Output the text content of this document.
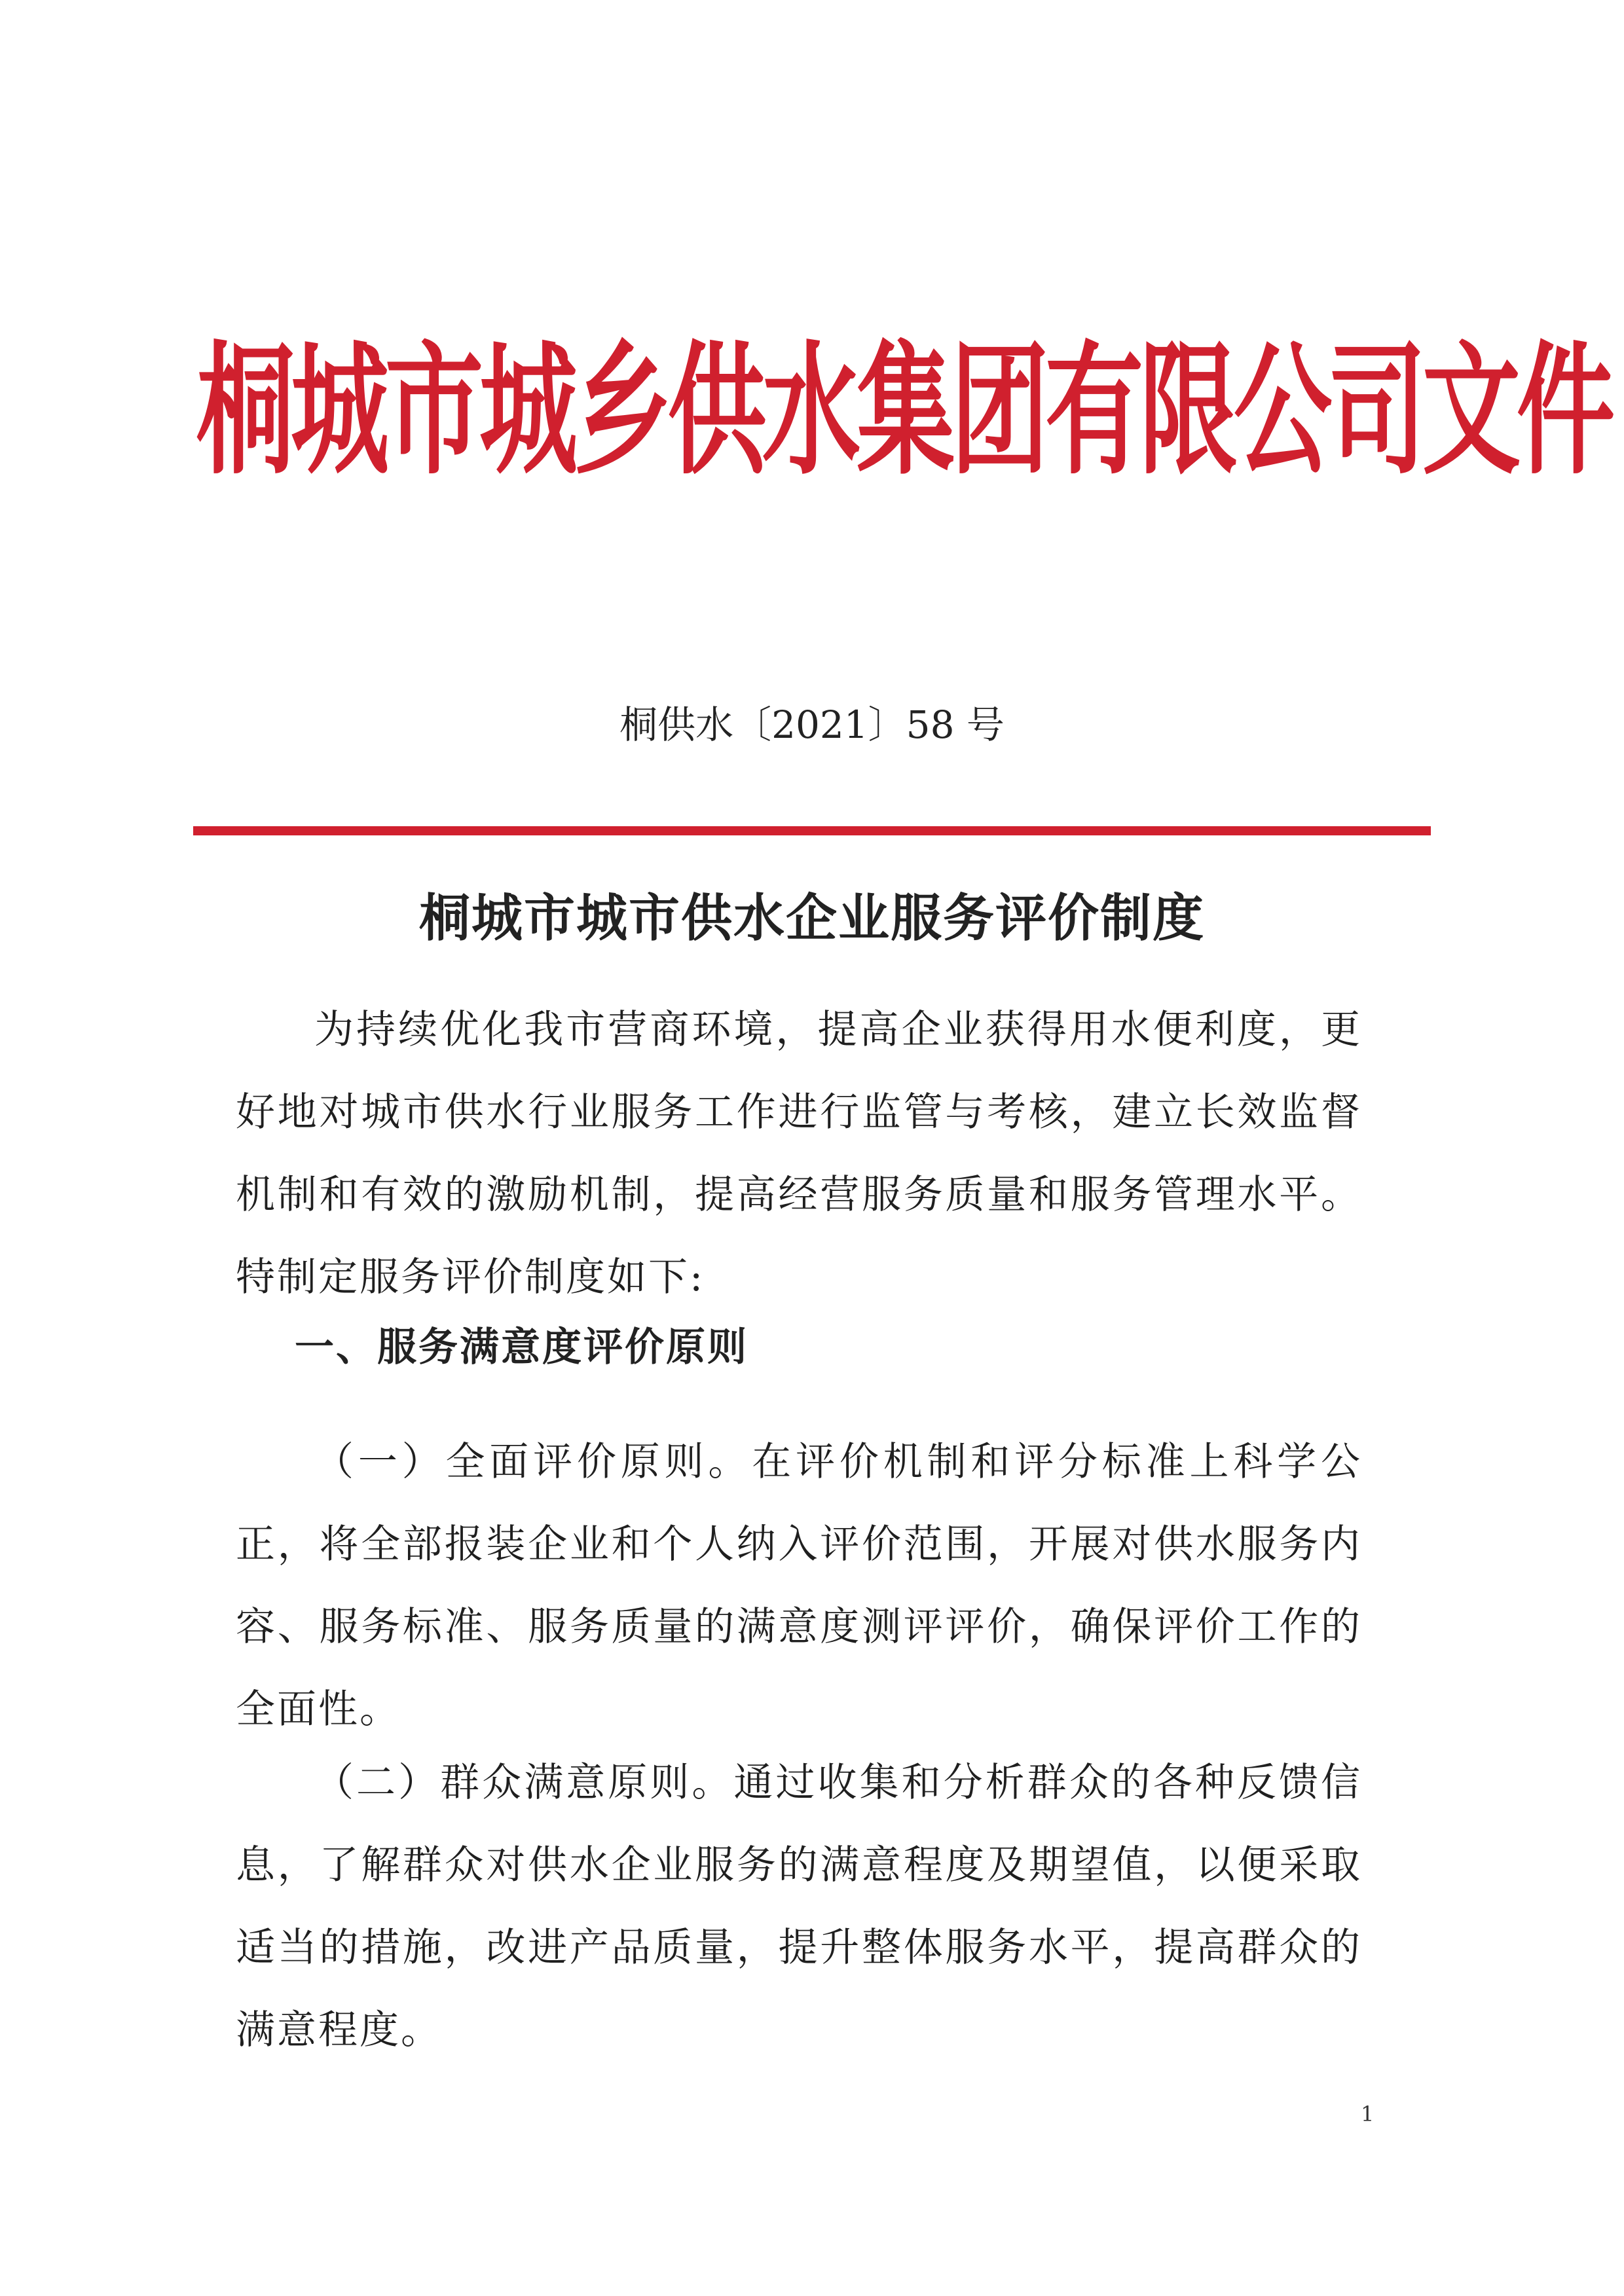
桐城市城乡供水集团有限公司文件
桐供水〔2021〕58 号
桐城市城市供水企业服务评价制度

为持续优化我市营商环境，提高企业获得用水便利度，更好地对城市供水行业服务工作进行监管与考核，建立长效监督机制和有效的激励机制，提高经营服务质量和服务管理水平。特制定服务评价制度如下:

一、服务满意度评价原则

（一）全面评价原则。在评价机制和评分标准上科学公正，将全部报装企业和个人纳入评价范围，开展对供水服务内容、服务标准、服务质量的满意度测评评价，确保评价工作的全面性。

（二）群众满意原则。通过收集和分析群众的各种反馈信息，了解群众对供水企业服务的满意程度及期望值，以便采取适当的措施，改进产品质量，提升整体服务水平，提高群众的满意程度。

1
